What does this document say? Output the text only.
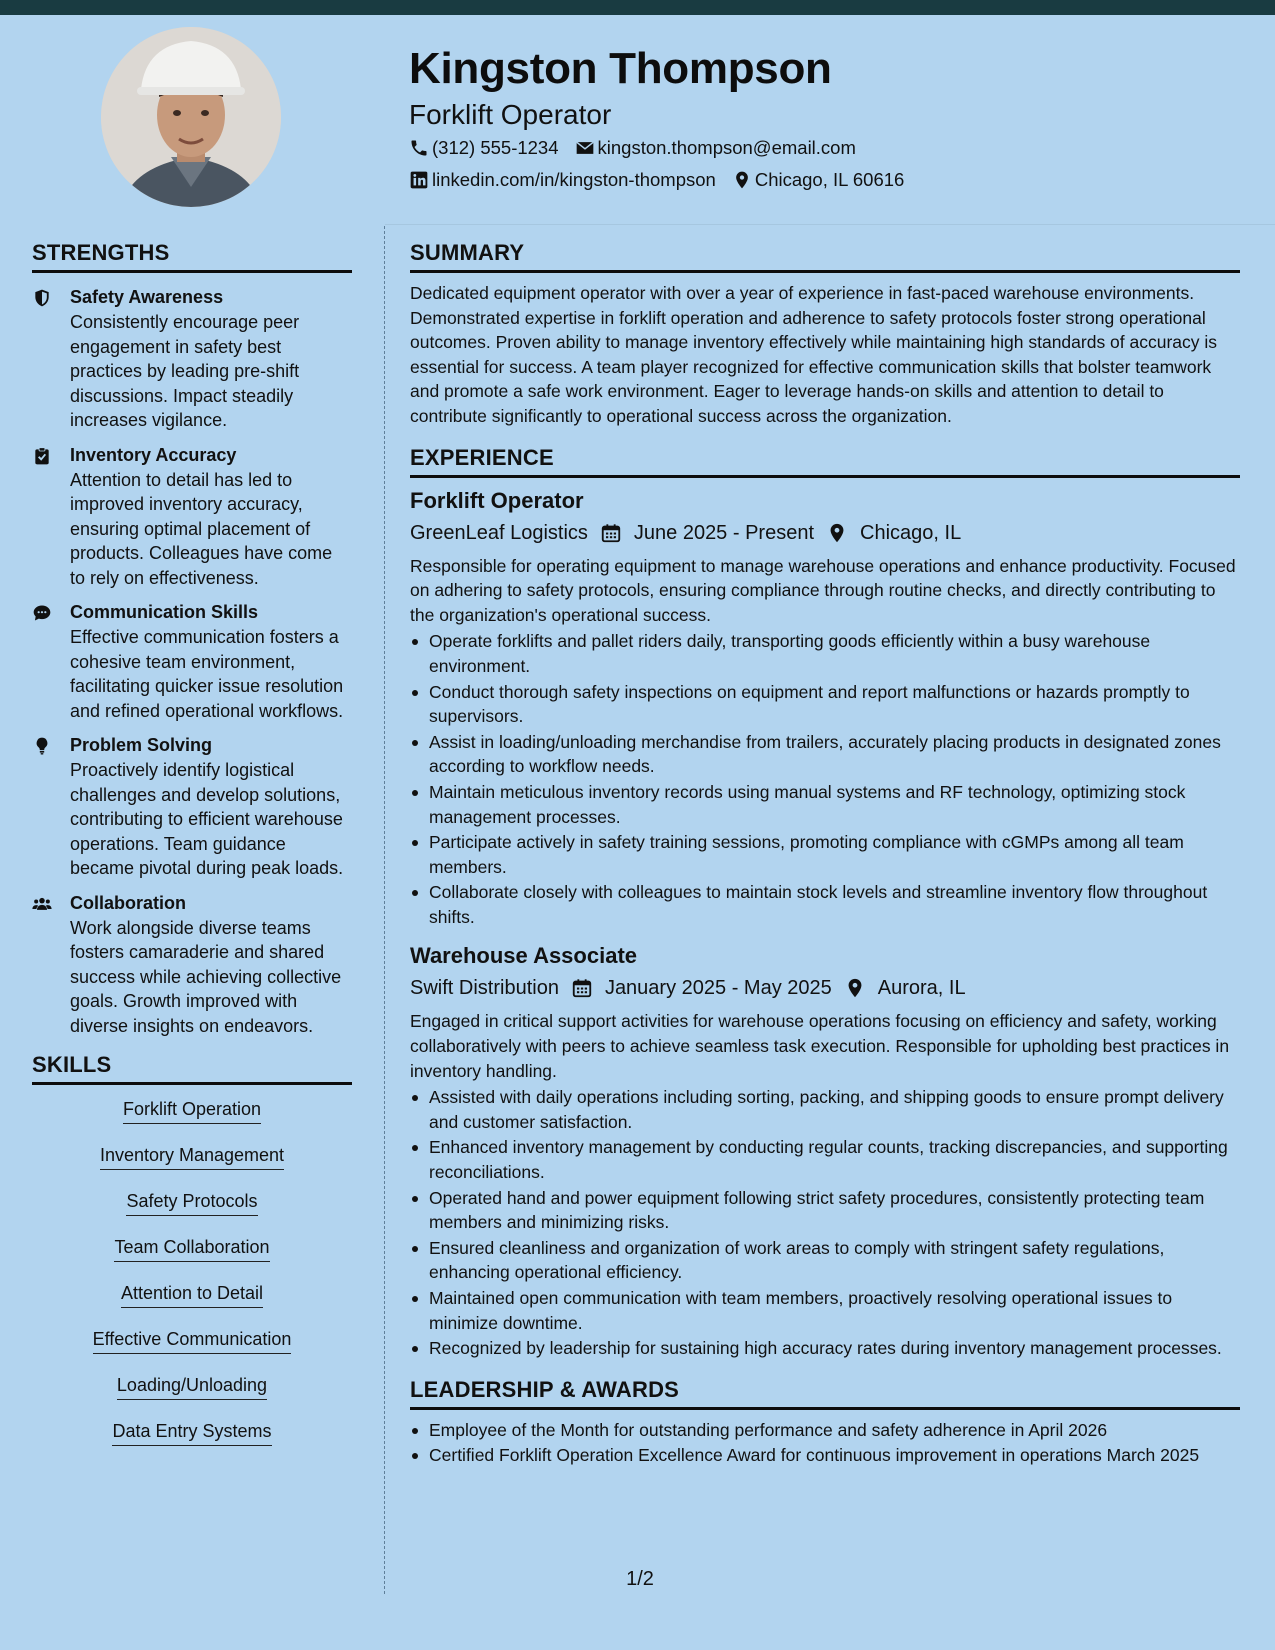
Kingston Thompson
Forklift Operator
(312) 555-1234 kingston.thompson@email.com
linkedin.com/in/kingston-thompson Chicago, IL 60616
STRENGTHS
Safety Awareness
Consistently encourage peer engagement in safety best practices by leading pre-shift discussions. Impact steadily increases vigilance.
Inventory Accuracy
Attention to detail has led to improved inventory accuracy, ensuring optimal placement of products. Colleagues have come to rely on effectiveness.
Communication Skills
Effective communication fosters a cohesive team environment, facilitating quicker issue resolution and refined operational workflows.
Problem Solving
Proactively identify logistical challenges and develop solutions, contributing to efficient warehouse operations. Team guidance became pivotal during peak loads.
Collaboration
Work alongside diverse teams fosters camaraderie and shared success while achieving collective goals. Growth improved with diverse insights on endeavors.
SKILLS
Forklift Operation
Inventory Management
Safety Protocols
Team Collaboration
Attention to Detail
Effective Communication
Loading/Unloading
Data Entry Systems
SUMMARY
Dedicated equipment operator with over a year of experience in fast-paced warehouse environments. Demonstrated expertise in forklift operation and adherence to safety protocols foster strong operational outcomes. Proven ability to manage inventory effectively while maintaining high standards of accuracy is essential for success. A team player recognized for effective communication skills that bolster teamwork and promote a safe work environment. Eager to leverage hands-on skills and attention to detail to contribute significantly to operational success across the organization.
EXPERIENCE
Forklift Operator
GreenLeaf Logistics June 2025 - Present Chicago, IL
Responsible for operating equipment to manage warehouse operations and enhance productivity. Focused on adhering to safety protocols, ensuring compliance through routine checks, and directly contributing to the organization's operational success.
Operate forklifts and pallet riders daily, transporting goods efficiently within a busy warehouse environment.
Conduct thorough safety inspections on equipment and report malfunctions or hazards promptly to supervisors.
Assist in loading/unloading merchandise from trailers, accurately placing products in designated zones according to workflow needs.
Maintain meticulous inventory records using manual systems and RF technology, optimizing stock management processes.
Participate actively in safety training sessions, promoting compliance with cGMPs among all team members.
Collaborate closely with colleagues to maintain stock levels and streamline inventory flow throughout shifts.
Warehouse Associate
Swift Distribution January 2025 - May 2025 Aurora, IL
Engaged in critical support activities for warehouse operations focusing on efficiency and safety, working collaboratively with peers to achieve seamless task execution. Responsible for upholding best practices in inventory handling.
Assisted with daily operations including sorting, packing, and shipping goods to ensure prompt delivery and customer satisfaction.
Enhanced inventory management by conducting regular counts, tracking discrepancies, and supporting reconciliations.
Operated hand and power equipment following strict safety procedures, consistently protecting team members and minimizing risks.
Ensured cleanliness and organization of work areas to comply with stringent safety regulations, enhancing operational efficiency.
Maintained open communication with team members, proactively resolving operational issues to minimize downtime.
Recognized by leadership for sustaining high accuracy rates during inventory management processes.
LEADERSHIP & AWARDS
Employee of the Month for outstanding performance and safety adherence in April 2026
Certified Forklift Operation Excellence Award for continuous improvement in operations March 2025
1/2
